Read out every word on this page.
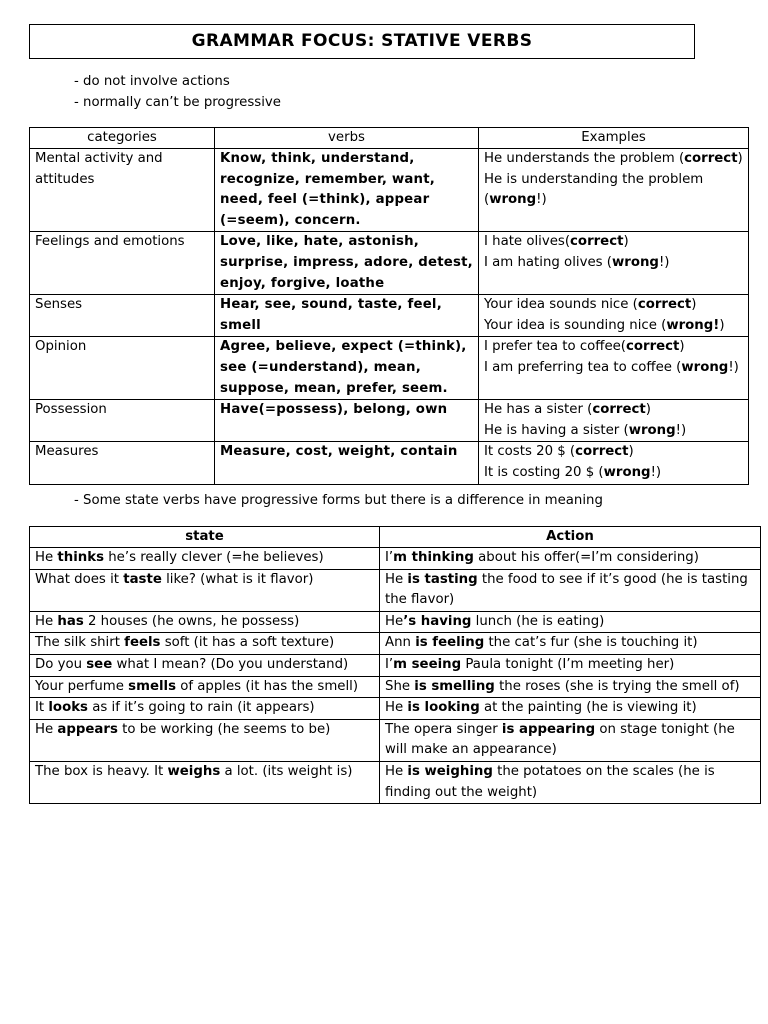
GRAMMAR FOCUS: STATIVE VERBS
- do not involve actions
- normally can’t be progressive
categories	verbs	Examples
Mental activity and attitudes	Know, think, understand, recognize, remember, want, need, feel (=think), appear (=seem), concern.	He understands the problem (correct)
He is understanding the problem (wrong!)

Feelings and emotions	Love, like, hate, astonish, surprise, impress, adore, detest, enjoy, forgive, loathe	I hate olives(correct)
I am hating olives (wrong!)

Senses	Hear, see, sound, taste, feel, smell	Your idea sounds nice (correct)
Your idea is sounding nice (wrong!)

Opinion	Agree, believe, expect (=think), see (=understand), mean, suppose, mean, prefer, seem.	I prefer tea to coffee(correct)
I am preferring tea to coffee (wrong!)

Possession	Have(=possess), belong, own	He has a sister (correct)
He is having a sister (wrong!)

Measures	Measure, cost, weight, contain	It costs 20 $ (correct)
It is costing 20 $ (wrong!)
- Some state verbs have progressive forms but there is a difference in meaning
state	Action
He thinks he’s really clever (=he believes)	I’m thinking about his offer(=I’m considering)
What does it taste like? (what is it flavor)	He is tasting the food to see if it’s good (he is tasting the flavor)
He has 2 houses (he owns, he possess)	He’s having lunch (he is eating)
The silk shirt feels soft (it has a soft texture)	Ann is feeling the cat’s fur (she is touching it)
Do you see what I mean? (Do you understand)	I’m seeing Paula tonight (I’m meeting her)
Your perfume smells of apples (it has the smell)	She is smelling the roses (she is trying the smell of)
It looks as if it’s going to rain (it appears)	He is looking at the painting (he is viewing it)
He appears to be working (he seems to be)	The opera singer is appearing on stage tonight (he will make an appearance)
The box is heavy. It weighs a lot. (its weight is)	He is weighing the potatoes on the scales (he is finding out the weight)
